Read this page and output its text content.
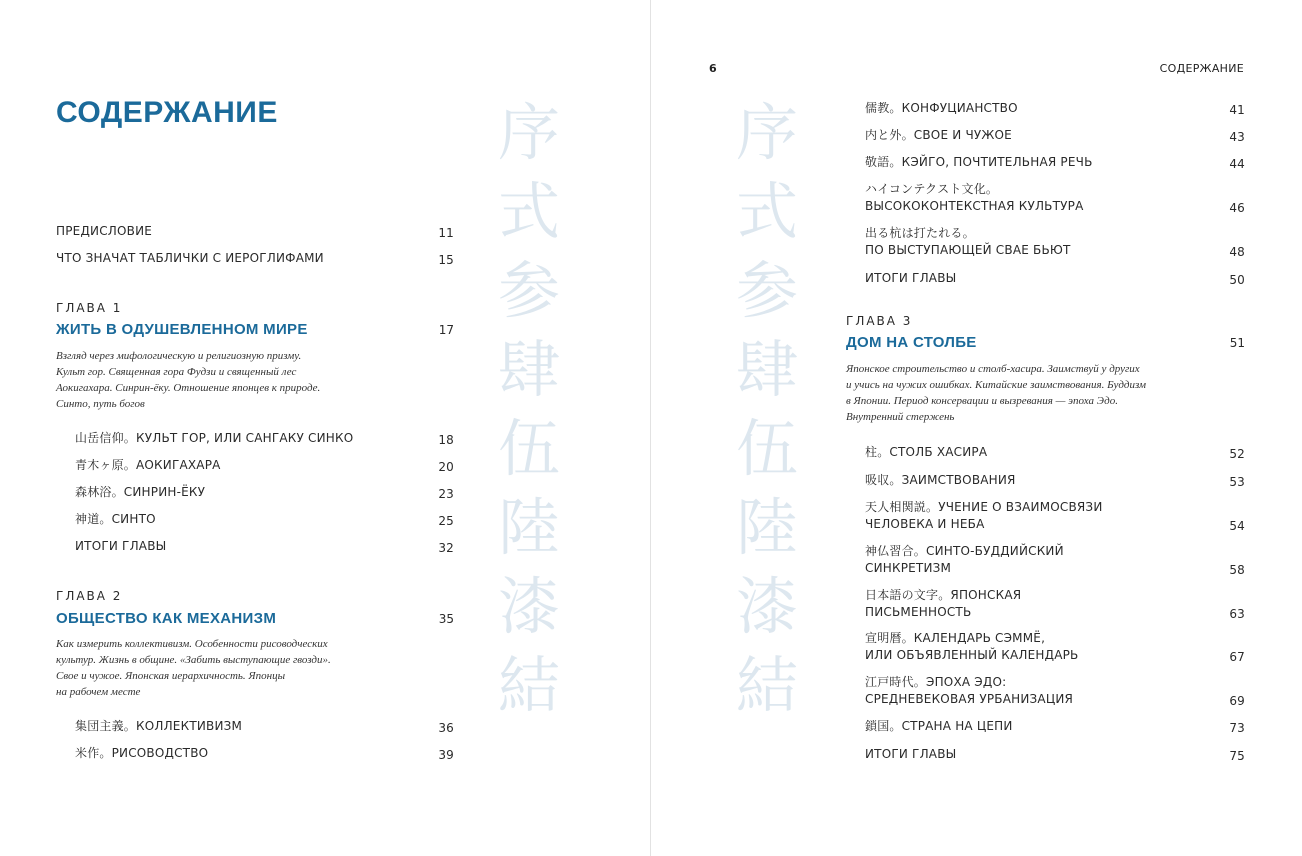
序
式
参
肆
伍
陸
漆
結
СОДЕРЖАНИЕ
ПРЕДИСЛОВИЕ	11
ЧТО ЗНАЧАТ ТАБЛИЧКИ С ИЕРОГЛИФАМИ	15
ГЛАВА 1
ЖИТЬ В ОДУШЕВЛЕННОМ МИРЕ	17
Взгляд через мифологическую и религиозную призму.
Культ гор. Священная гора Фудзи и священный лес
Аокигахара. Синрин-ёку. Отношение японцев к природе.
Синто, путь богов
山岳信仰。КУЛЬТ ГОР, ИЛИ САНГАКУ СИНКО	18
青木ヶ原。АОКИГАХАРА	20
森林浴。СИНРИН-ЁКУ	23
神道。СИНТО	25
ИТОГИ ГЛАВЫ	32
ГЛАВА 2
ОБЩЕСТВО КАК МЕХАНИЗМ	35
Как измерить коллективизм. Особенности рисоводческих
культур. Жизнь в общине. «Забить выступающие гвозди».
Свое и чужое. Японская иерархичность. Японцы
на рабочем месте
集団主義。КОЛЛЕКТИВИЗМ	36
米作。РИСОВОДСТВО	39
6	СОДЕРЖАНИЕ
序
式
参
肆
伍
陸
漆
結
儒教。КОНФУЦИАНСТВО	41
内と外。СВОЕ И ЧУЖОЕ	43
敬語。КЭЙГО, ПОЧТИТЕЛЬНАЯ РЕЧЬ	44
ハイコンテクスト文化。
ВЫСОКОКОНТЕКСТНАЯ КУЛЬТУРА	46
出る杭は打たれる。
ПО ВЫСТУПАЮЩЕЙ СВАЕ БЬЮТ	48
ИТОГИ ГЛАВЫ	50
ГЛАВА 3
ДОМ НА СТОЛБЕ	51
Японское строительство и столб-хасира. Заимствуй у других
и учись на чужих ошибках. Китайские заимствования. Буддизм
в Японии. Период консервации и вызревания — эпоха Эдо.
Внутренний стержень
柱。СТОЛБ ХАСИРА	52
吸収。ЗАИМСТВОВАНИЯ	53
天人相関説。УЧЕНИЕ О ВЗАИМОСВЯЗИ
ЧЕЛОВЕКА И НЕБА	54
神仏習合。СИНТО-БУДДИЙСКИЙ
СИНКРЕТИЗМ	58
日本語の文字。ЯПОНСКАЯ
ПИСЬМЕННОСТЬ	63
宣明暦。КАЛЕНДАРЬ СЭММЁ,
ИЛИ ОБЪЯВЛЕННЫЙ КАЛЕНДАРЬ	67
江戸時代。ЭПОХА ЭДО:
СРЕДНЕВЕКОВАЯ УРБАНИЗАЦИЯ	69
鎖国。СТРАНА НА ЦЕПИ	73
ИТОГИ ГЛАВЫ	75
